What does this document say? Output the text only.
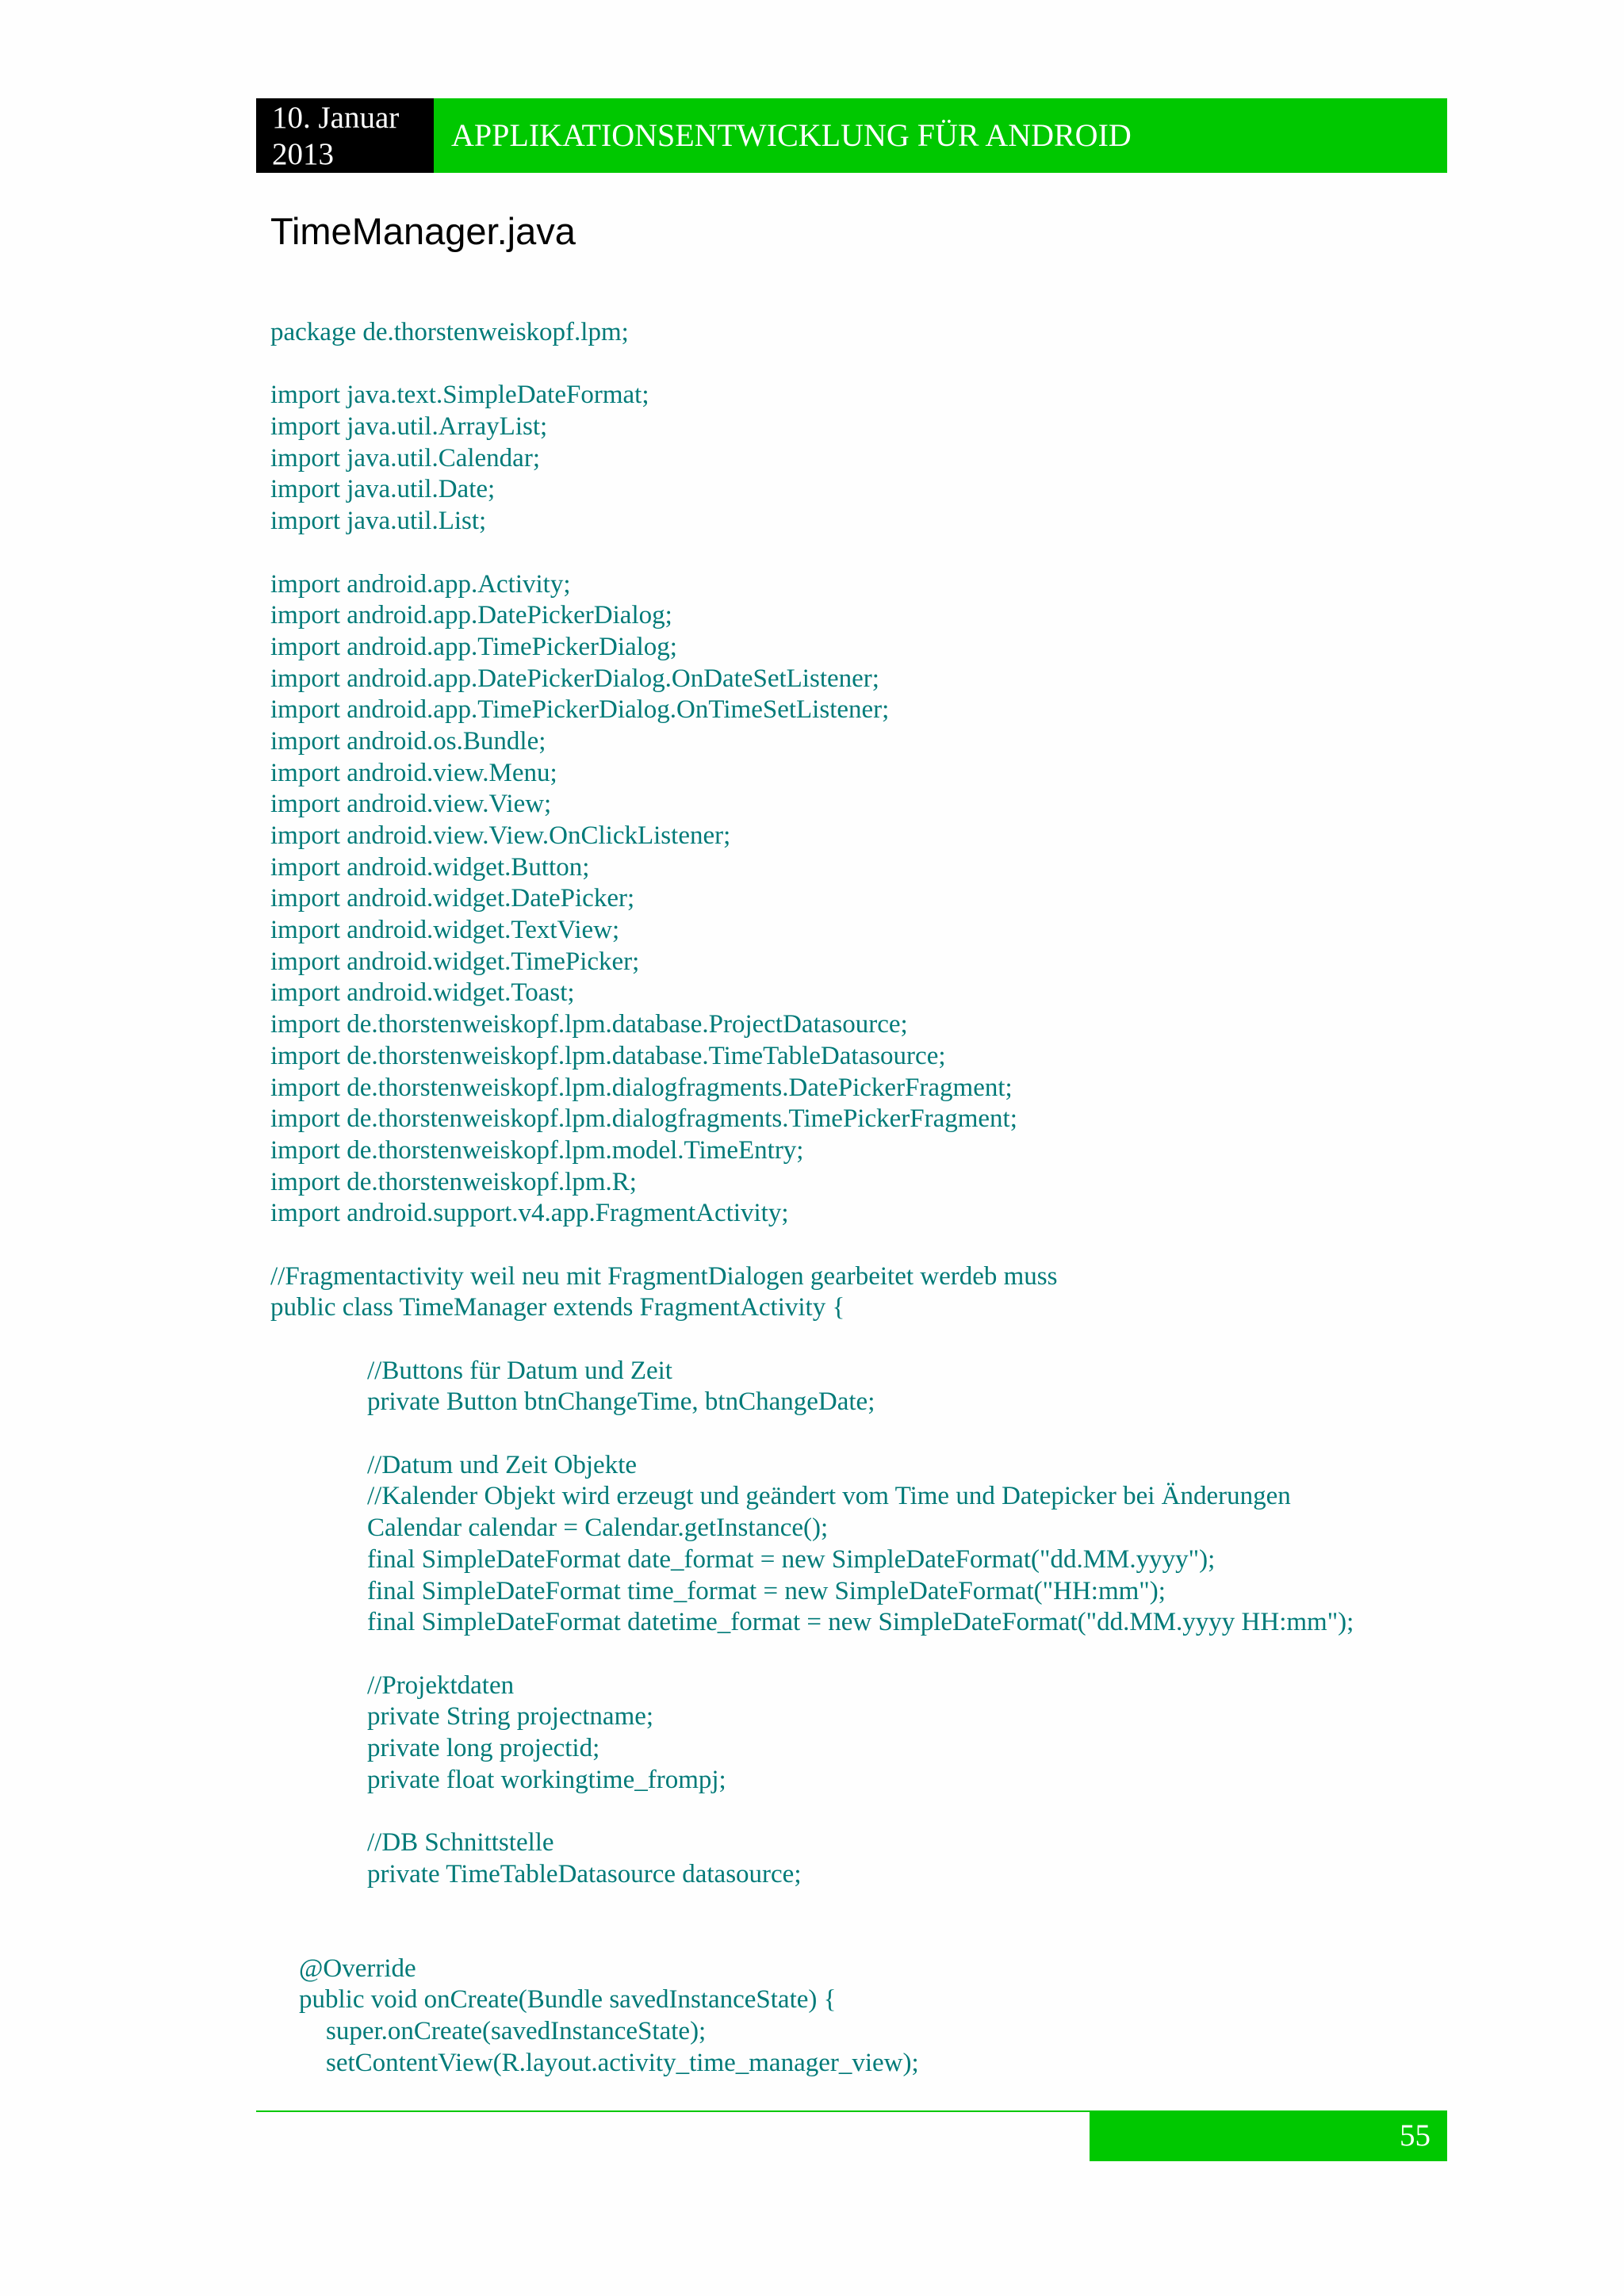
10. Januar
2013
APPLIKATIONSENTWICKLUNG FÜR ANDROID
TimeManager.java
package de.thorstenweiskopf.lpm;
import java.text.SimpleDateFormat;
import java.util.ArrayList;
import java.util.Calendar;
import java.util.Date;
import java.util.List;
import android.app.Activity;
import android.app.DatePickerDialog;
import android.app.TimePickerDialog;
import android.app.DatePickerDialog.OnDateSetListener;
import android.app.TimePickerDialog.OnTimeSetListener;
import android.os.Bundle;
import android.view.Menu;
import android.view.View;
import android.view.View.OnClickListener;
import android.widget.Button;
import android.widget.DatePicker;
import android.widget.TextView;
import android.widget.TimePicker;
import android.widget.Toast;
import de.thorstenweiskopf.lpm.database.ProjectDatasource;
import de.thorstenweiskopf.lpm.database.TimeTableDatasource;
import de.thorstenweiskopf.lpm.dialogfragments.DatePickerFragment;
import de.thorstenweiskopf.lpm.dialogfragments.TimePickerFragment;
import de.thorstenweiskopf.lpm.model.TimeEntry;
import de.thorstenweiskopf.lpm.R;
import android.support.v4.app.FragmentActivity;
//Fragmentactivity weil neu mit FragmentDialogen gearbeitet werdeb muss
public class TimeManager extends FragmentActivity {
//Buttons für Datum und Zeit
private Button btnChangeTime, btnChangeDate;
//Datum und Zeit Objekte
//Kalender Objekt wird erzeugt und geändert vom Time und Datepicker bei Änderungen
Calendar calendar = Calendar.getInstance();
final SimpleDateFormat date_format = new SimpleDateFormat("dd.MM.yyyy");
final SimpleDateFormat time_format = new SimpleDateFormat("HH:mm");
final SimpleDateFormat datetime_format = new SimpleDateFormat("dd.MM.yyyy HH:mm");
//Projektdaten
private String projectname;
private long projectid;
private float workingtime_frompj;
//DB Schnittstelle
private TimeTableDatasource datasource;
@Override
public void onCreate(Bundle savedInstanceState) {
super.onCreate(savedInstanceState);
setContentView(R.layout.activity_time_manager_view);
55
